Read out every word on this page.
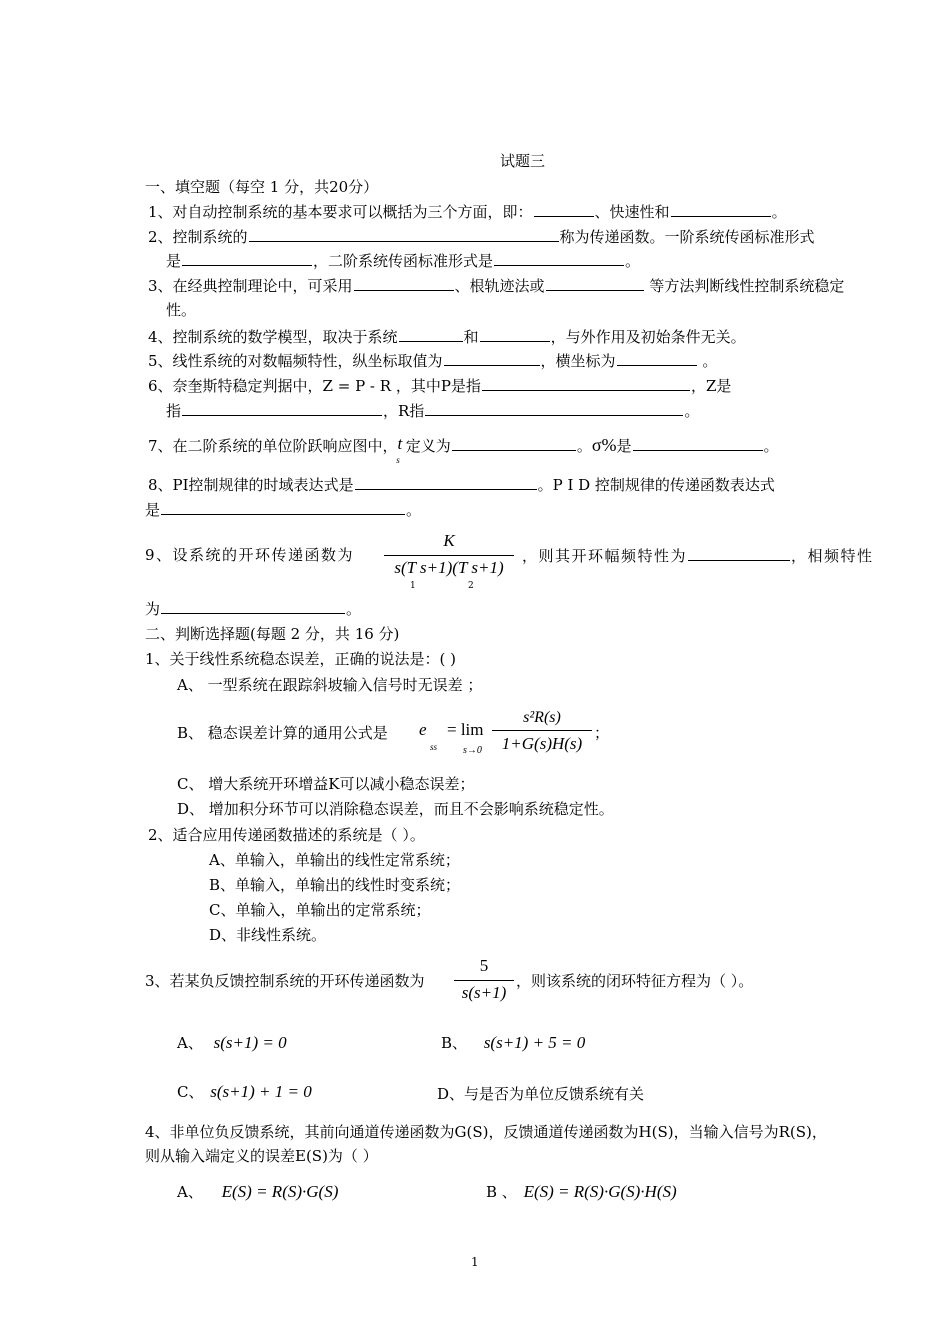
试题三
一、填空题（每空 1 分，共20分）
1、对自动控制系统的基本要求可以概括为三个方面，即：	、快速性和	。
2、控制系统的	称为传递函数。一阶系统传函标准形式
是	，二阶系统传函标准形式是	。
3、在经典控制理论中，可采用	、根轨迹法或	等方法判断线性控制系统稳定
性。
4、控制系统的数学模型，取决于系统	和	，与外作用及初始条件无关。
5、线性系统的对数幅频特性，纵坐标取值为	，横坐标为	。
6、奈奎斯特稳定判据中，Z = P - R ，其中P是指	，Z是
指	，R指	。
7、在二阶系统的单位阶跃响应图中，$t_s$定义为	。σ%是	。
8、PI控制规律的时域表达式是	。P I D 控制规律的传递函数表达式
是	。
9、设系统的开环传递函数为
K
s(T s+1)(T s+1)
1	2
，则其开环幅频特性为	，相频特性
为	。
二、判断选择题(每题 2 分，共 16 分)
1、关于线性系统稳态误差，正确的说法是：( )
A、 一型系统在跟踪斜坡输入信号时无误差 ；
B、 稳态误差计算的通用公式是 e
ss
= lim
s→0
s²R(s)
1+G(s)H(s)
；
C、 增大系统开环增益K可以减小稳态误差；
D、 增加积分环节可以消除稳态误差，而且不会影响系统稳定性。
2、适合应用传递函数描述的系统是（ ）。
A、单输入，单输出的线性定常系统；
B、单输入，单输出的线性时变系统；
C、单输入，单输出的定常系统；
D、非线性系统。
3、若某负反馈控制系统的开环传递函数为
5
s(s+1)
，则该系统的闭环特征方程为（ ）。
A、 s(s+1) = 0	B、 s(s+1) + 5 = 0
C、 s(s+1) + 1 = 0	D、与是否为单位反馈系统有关
4、非单位负反馈系统，其前向通道传递函数为G(S)，反馈通道传递函数为H(S)，当输入信号为R(S)，
则从输入端定义的误差E(S)为（ ）
A、 E(S) = R(S)·G(S)	B 、 E(S) = R(S)·G(S)·H(S)
1
